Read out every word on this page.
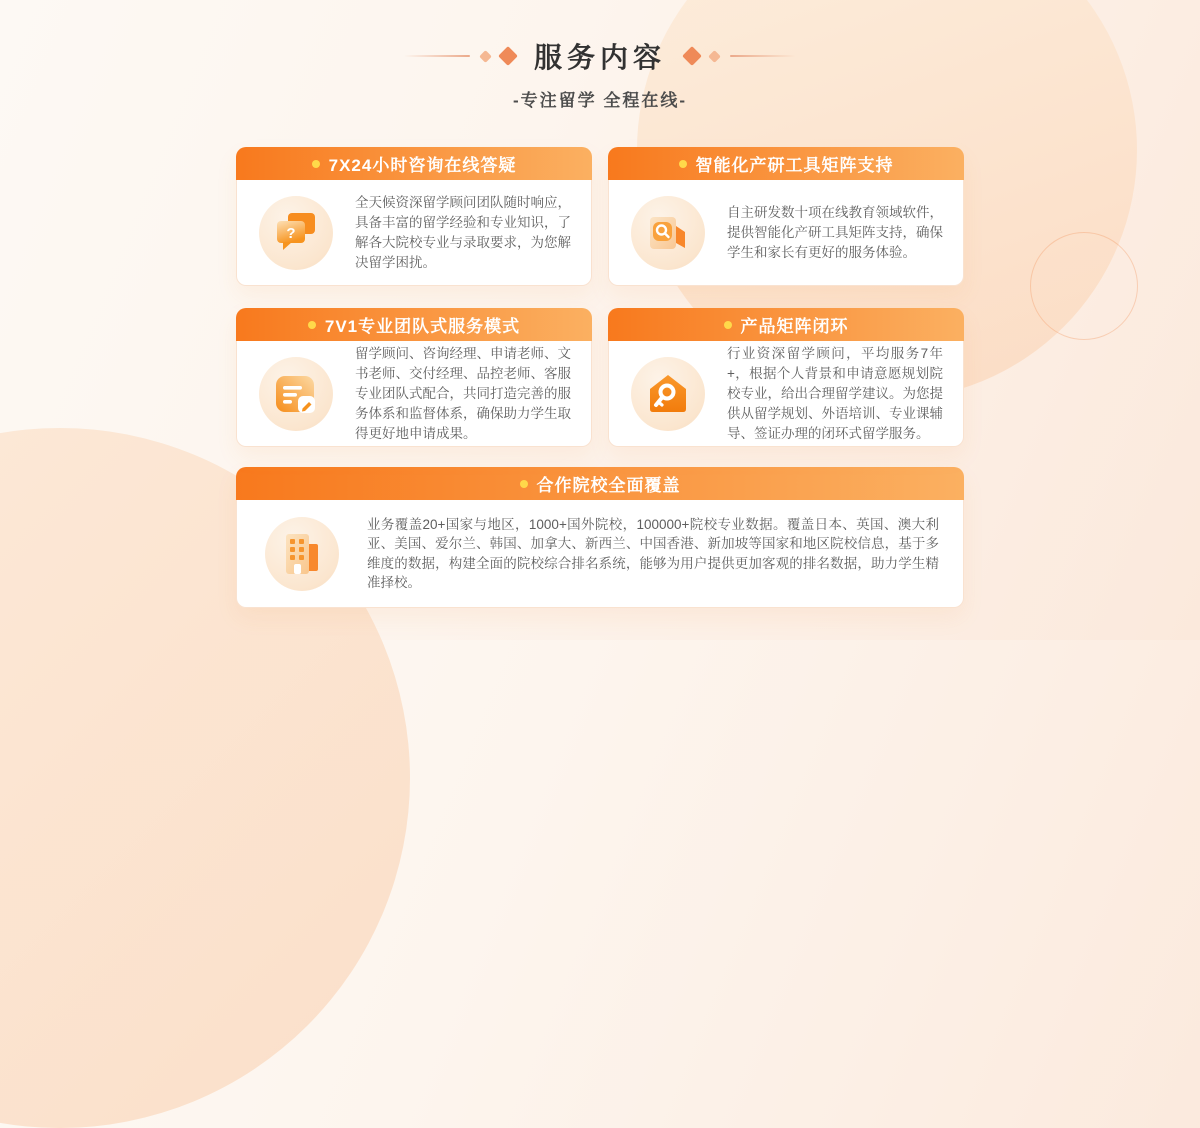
服务内容
-专注留学 全程在线-
7X24小时咨询在线答疑
?

全天候资深留学顾问团队随时响应，具备丰富的留学经验和专业知识，了解各大院校专业与录取要求，为您解决留学困扰。

智能化产研工具矩阵支持

自主研发数十项在线教育领域软件，提供智能化产研工具矩阵支持，确保学生和家长有更好的服务体验。

7V1专业团队式服务模式

留学顾问、咨询经理、申请老师、文书老师、交付经理、品控老师、客服专业团队式配合，共同打造完善的服务体系和监督体系，确保助力学生取得更好地申请成果。

产品矩阵闭环

行业资深留学顾问，平均服务7年+，根据个人背景和申请意愿规划院校专业，给出合理留学建议。为您提供从留学规划、外语培训、专业课辅导、签证办理的闭环式留学服务。

合作院校全面覆盖

业务覆盖20+国家与地区，1000+国外院校，100000+院校专业数据。覆盖日本、英国、澳大利亚、美国、爱尔兰、韩国、加拿大、新西兰、中国香港、新加坡等国家和地区院校信息，基于多维度的数据，构建全面的院校综合排名系统，能够为用户提供更加客观的排名数据，助力学生精准择校。
